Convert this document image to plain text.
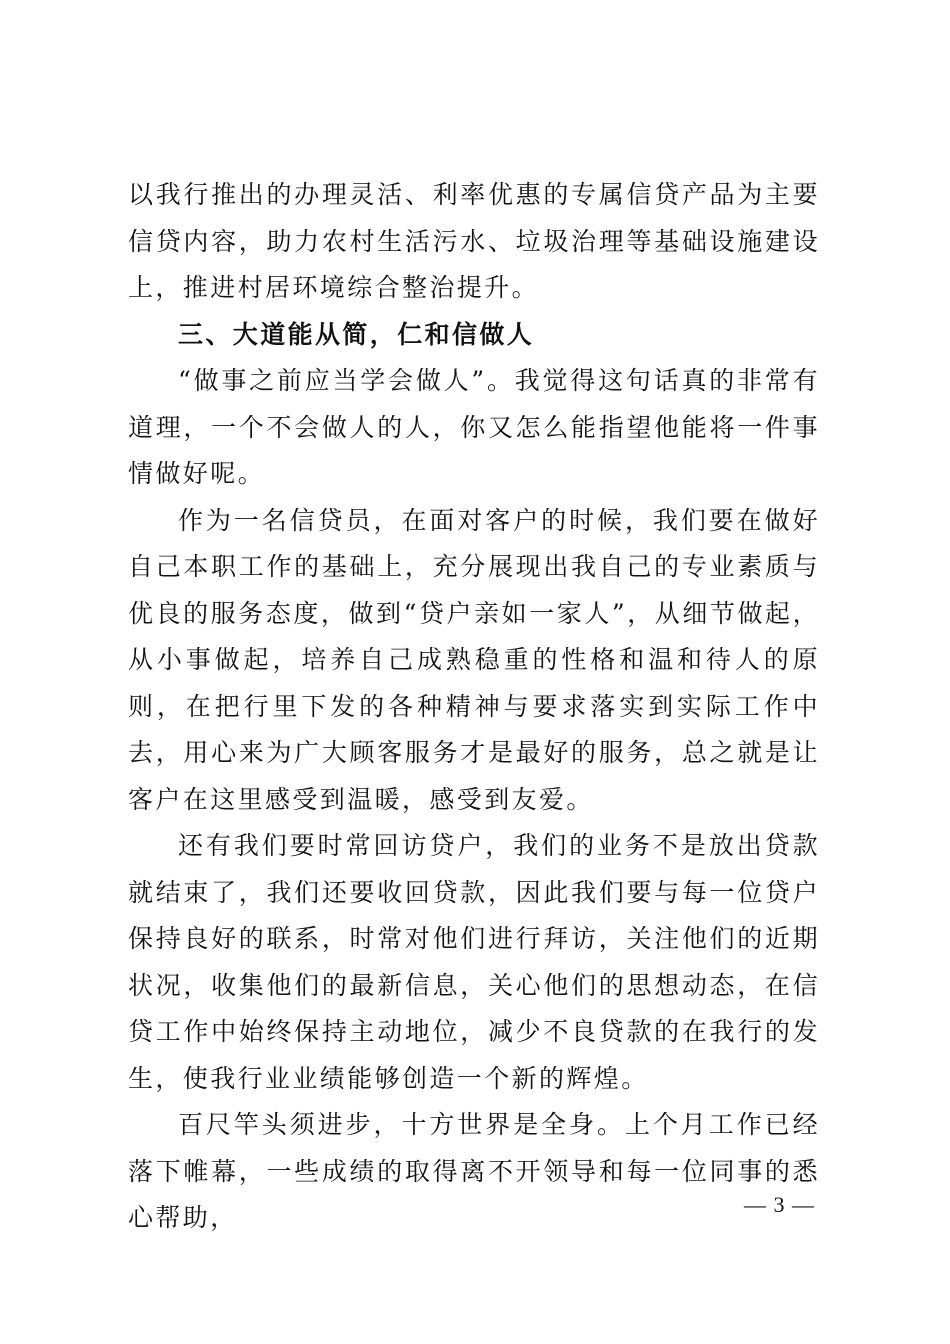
以我行推出的办理灵活、利率优惠的专属信贷产品为主要信贷内容，助力农村生活污水、垃圾治理等基础设施建设上，推进村居环境综合整治提升。

三、大道能从简，仁和信做人

“做事之前应当学会做人”。我觉得这句话真的非常有道理，一个不会做人的人，你又怎么能指望他能将一件事情做好呢。

作为一名信贷员，在面对客户的时候，我们要在做好自己本职工作的基础上，充分展现出我自己的专业素质与优良的服务态度，做到“贷户亲如一家人”，从细节做起，从小事做起，培养自己成熟稳重的性格和温和待人的原则，在把行里下发的各种精神与要求落实到实际工作中去，用心来为广大顾客服务才是最好的服务，总之就是让客户在这里感受到温暖，感受到友爱。

还有我们要时常回访贷户，我们的业务不是放出贷款就结束了，我们还要收回贷款，因此我们要与每一位贷户保持良好的联系，时常对他们进行拜访，关注他们的近期状况，收集他们的最新信息，关心他们的思想动态，在信贷工作中始终保持主动地位，减少不良贷款的在我行的发生，使我行业业绩能够创造一个新的辉煌。

百尺竿头须进步，十方世界是全身。上个月工作已经落下帷幕，一些成绩的取得离不开领导和每一位同事的悉心帮助，	— 3 —
